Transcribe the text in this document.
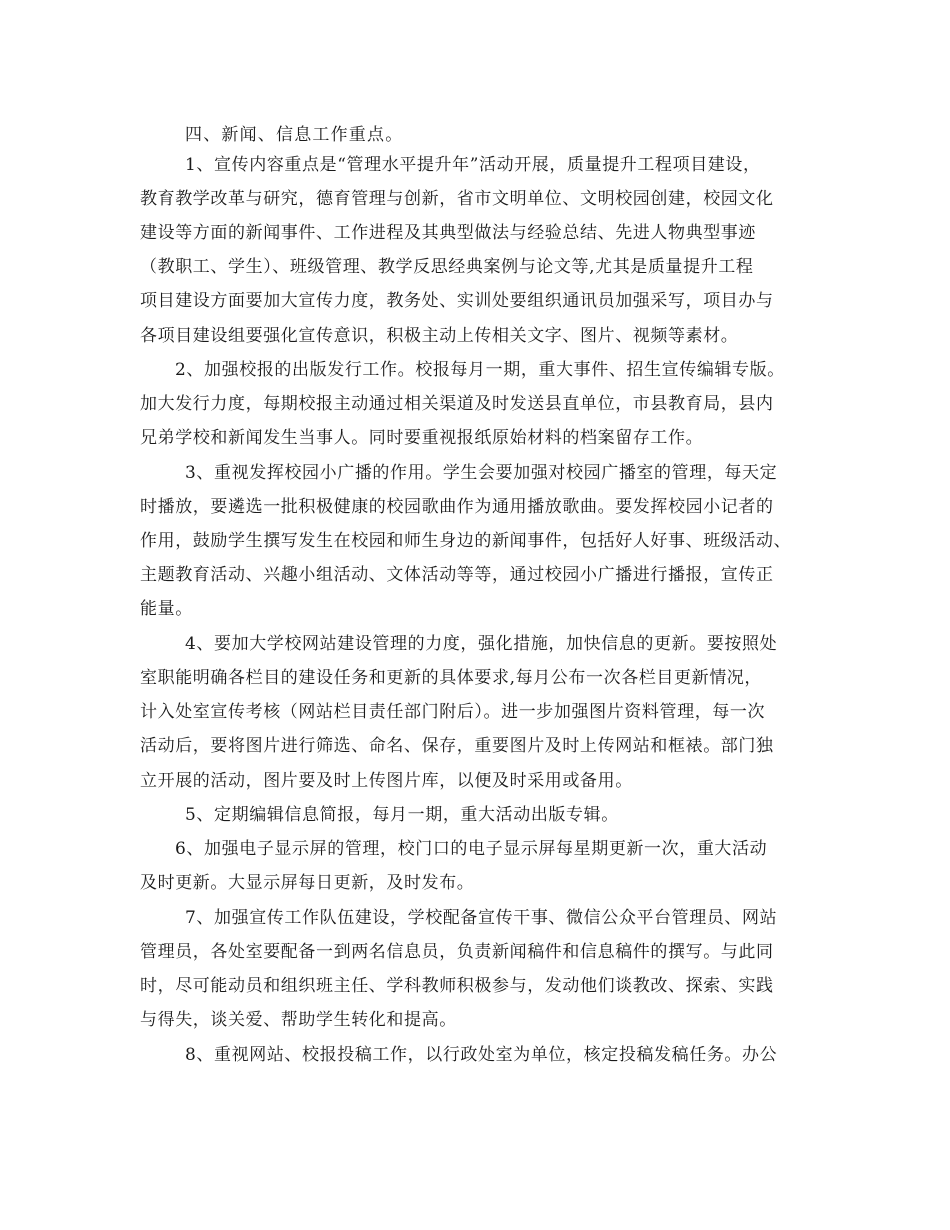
四、新闻、信息工作重点。
1、宣传内容重点是“管理水平提升年”活动开展，质量提升工程项目建设，
教育教学改革与研究，德育管理与创新，省市文明单位、文明校园创建，校园文化
建设等方面的新闻事件、工作进程及其典型做法与经验总结、先进人物典型事迹
（教职工、学生）、班级管理、教学反思经典案例与论文等,尤其是质量提升工程
项目建设方面要加大宣传力度，教务处、实训处要组织通讯员加强采写，项目办与
各项目建设组要强化宣传意识，积极主动上传相关文字、图片、视频等素材。
2、加强校报的出版发行工作。校报每月一期，重大事件、招生宣传编辑专版。
加大发行力度，每期校报主动通过相关渠道及时发送县直单位，市县教育局，县内
兄弟学校和新闻发生当事人。同时要重视报纸原始材料的档案留存工作。
3、重视发挥校园小广播的作用。学生会要加强对校园广播室的管理，每天定
时播放，要遴选一批积极健康的校园歌曲作为通用播放歌曲。要发挥校园小记者的
作用，鼓励学生撰写发生在校园和师生身边的新闻事件，包括好人好事、班级活动、
主题教育活动、兴趣小组活动、文体活动等等，通过校园小广播进行播报，宣传正
能量。
4、要加大学校网站建设管理的力度，强化措施，加快信息的更新。要按照处
室职能明确各栏目的建设任务和更新的具体要求,每月公布一次各栏目更新情况，
计入处室宣传考核（网站栏目责任部门附后）。进一步加强图片资料管理，每一次
活动后，要将图片进行筛选、命名、保存，重要图片及时上传网站和框裱。部门独
立开展的活动，图片要及时上传图片库，以便及时采用或备用。
5、定期编辑信息简报，每月一期，重大活动出版专辑。
6、加强电子显示屏的管理，校门口的电子显示屏每星期更新一次，重大活动
及时更新。大显示屏每日更新，及时发布。
7、加强宣传工作队伍建设，学校配备宣传干事、微信公众平台管理员、网站
管理员，各处室要配备一到两名信息员，负责新闻稿件和信息稿件的撰写。与此同
时，尽可能动员和组织班主任、学科教师积极参与，发动他们谈教改、探索、实践
与得失，谈关爱、帮助学生转化和提高。
8、重视网站、校报投稿工作，以行政处室为单位，核定投稿发稿任务。办公
